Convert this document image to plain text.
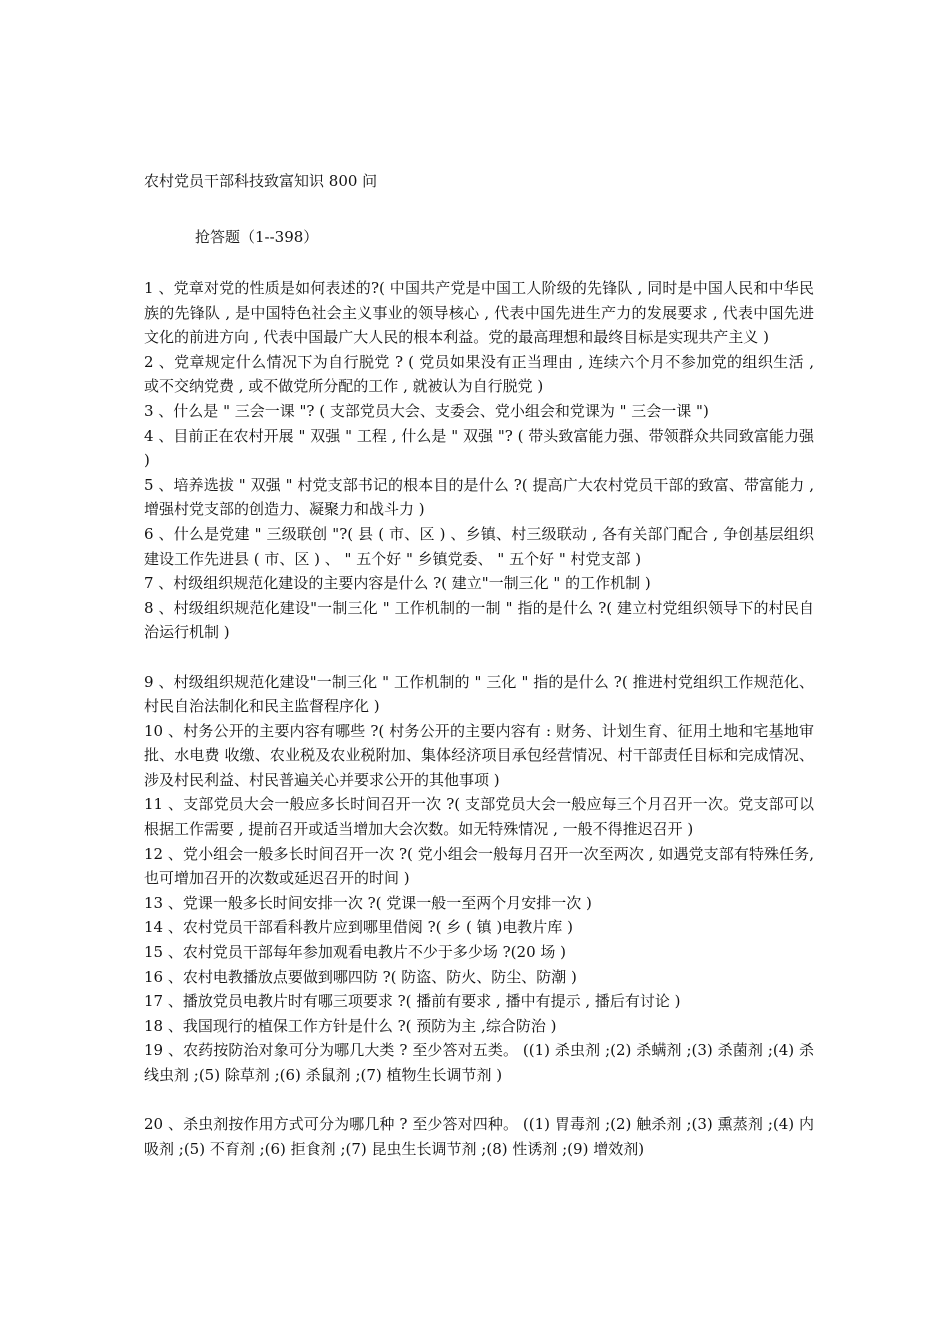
农村党员干部科技致富知识 800 问
抢答题（1--398）

1 、党章对党的性质是如何表述的?( 中国共产党是中国工人阶级的先锋队 , 同时是中国人民和中华民族的先锋队 , 是中国特色社会主义事业的领导核心 , 代表中国先进生产力的发展要求 , 代表中国先进文化的前进方向 , 代表中国最广大人民的根本利益。党的最高理想和最终目标是实现共产主义 )

2 、党章规定什么情况下为自行脱党 ? ( 党员如果没有正当理由 , 连续六个月不参加党的组织生活 , 或不交纳党费 , 或不做党所分配的工作 , 就被认为自行脱党 )

3 、什么是 " 三会一课 "? ( 支部党员大会、支委会、党小组会和党课为 " 三会一课 ")

4 、目前正在农村开展 " 双强 " 工程 , 什么是 " 双强 "? ( 带头致富能力强、带领群众共同致富能力强 )

5 、培养选拔 " 双强 " 村党支部书记的根本目的是什么 ?( 提高广大农村党员干部的致富、带富能力 , 增强村党支部的创造力、凝聚力和战斗力 )

6 、什么是党建 " 三级联创 "?( 县 ( 市、区 ) 、乡镇、村三级联动 , 各有关部门配合 , 争创基层组织建设工作先进县 ( 市、区 ) 、 " 五个好 " 乡镇党委、 " 五个好 " 村党支部 )

7 、村级组织规范化建设的主要内容是什么 ?( 建立"一制三化 " 的工作机制 )

8 、村级组织规范化建设"一制三化 " 工作机制的一制 " 指的是什么 ?( 建立村党组织领导下的村民自治运行机制 )

9 、村级组织规范化建设"一制三化 " 工作机制的 " 三化 " 指的是什么 ?( 推进村党组织工作规范化、村民自治法制化和民主监督程序化 )

10 、村务公开的主要内容有哪些 ?( 村务公开的主要内容有 : 财务、计划生育、征用土地和宅基地审批、水电费 收缴、农业税及农业税附加、集体经济项目承包经营情况、村干部责任目标和完成情况、涉及村民利益、村民普遍关心并要求公开的其他事项 )

11 、支部党员大会一般应多长时间召开一次 ?( 支部党员大会一般应每三个月召开一次。党支部可以根据工作需要 , 提前召开或适当增加大会次数。如无特殊情况 , 一般不得推迟召开 )

12 、党小组会一般多长时间召开一次 ?( 党小组会一般每月召开一次至两次 , 如遇党支部有特殊任务, 也可增加召开的次数或延迟召开的时间 )

13 、党课一般多长时间安排一次 ?( 党课一般一至两个月安排一次 )

14 、农村党员干部看科教片应到哪里借阅 ?( 乡 ( 镇 )电教片库 )

15 、农村党员干部每年参加观看电教片不少于多少场 ?(20 场 )

16 、农村电教播放点要做到哪四防 ?( 防盗、防火、防尘、防潮 )

17 、播放党员电教片时有哪三项要求 ?( 播前有要求 , 播中有提示 , 播后有讨论 )

18 、我国现行的植保工作方针是什么 ?( 预防为主 ,综合防治 )

19 、农药按防治对象可分为哪几大类 ? 至少答对五类。 ((1) 杀虫剂 ;(2) 杀螨剂 ;(3) 杀菌剂 ;(4) 杀线虫剂 ;(5) 除草剂 ;(6) 杀鼠剂 ;(7) 植物生长调节剂 )

20 、杀虫剂按作用方式可分为哪几种 ? 至少答对四种。 ((1) 胃毒剂 ;(2) 触杀剂 ;(3) 熏蒸剂 ;(4) 内吸剂 ;(5) 不育剂 ;(6) 拒食剂 ;(7) 昆虫生长调节剂 ;(8) 性诱剂 ;(9) 增效剂)
